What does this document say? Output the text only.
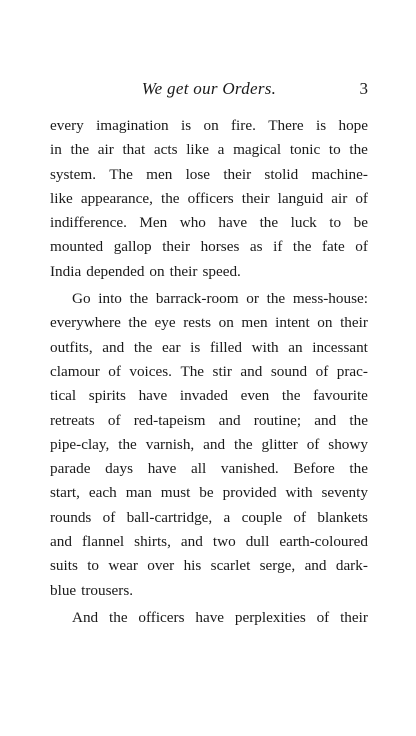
We get our Orders.	3
every imagination is on fire. There is hope
in the air that acts like a magical tonic to the
system. The men lose their stolid machine-
like appearance, the officers their languid air of
indifference. Men who have the luck to be
mounted gallop their horses as if the fate of
India depended on their speed.
Go into the barrack-room or the mess-house:
everywhere the eye rests on men intent on their
outfits, and the ear is filled with an incessant
clamour of voices. The stir and sound of prac-
tical spirits have invaded even the favourite
retreats of red-tapeism and routine; and the
pipe-clay, the varnish, and the glitter of showy
parade days have all vanished. Before the
start, each man must be provided with seventy
rounds of ball-cartridge, a couple of blankets
and flannel shirts, and two dull earth-coloured
suits to wear over his scarlet serge, and dark-
blue trousers.
And the officers have perplexities of their
